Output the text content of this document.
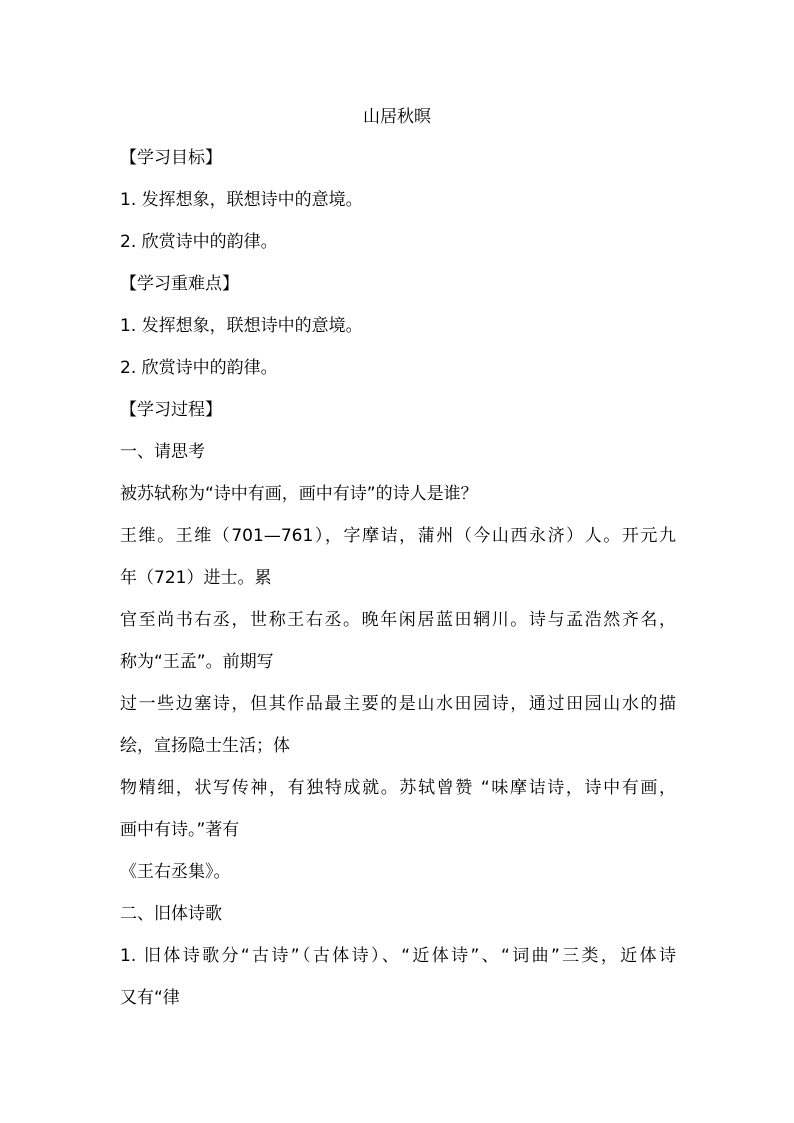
山居秋暝
【学习目标】
1. 发挥想象，联想诗中的意境。
2. 欣赏诗中的韵律。
【学习重难点】
1. 发挥想象，联想诗中的意境。
2. 欣赏诗中的韵律。
【学习过程】
一、请思考
被苏轼称为“诗中有画，画中有诗”的诗人是谁？
王维。王维（701—761），字摩诘，蒲州（今山西永济）人。开元九
年（721）进士。累
官至尚书右丞，世称王右丞。晚年闲居蓝田辋川。诗与孟浩然齐名，
称为“王孟”。前期写
过一些边塞诗，但其作品最主要的是山水田园诗，通过田园山水的描
绘，宣扬隐士生活；体
物精细，状写传神，有独特成就。苏轼曾赞 “味摩诘诗，诗中有画，
画中有诗。”著有
《王右丞集》。
二、旧体诗歌
1. 旧体诗歌分“古诗”（古体诗）、“近体诗”、“词曲”三类，近体诗
又有“律
